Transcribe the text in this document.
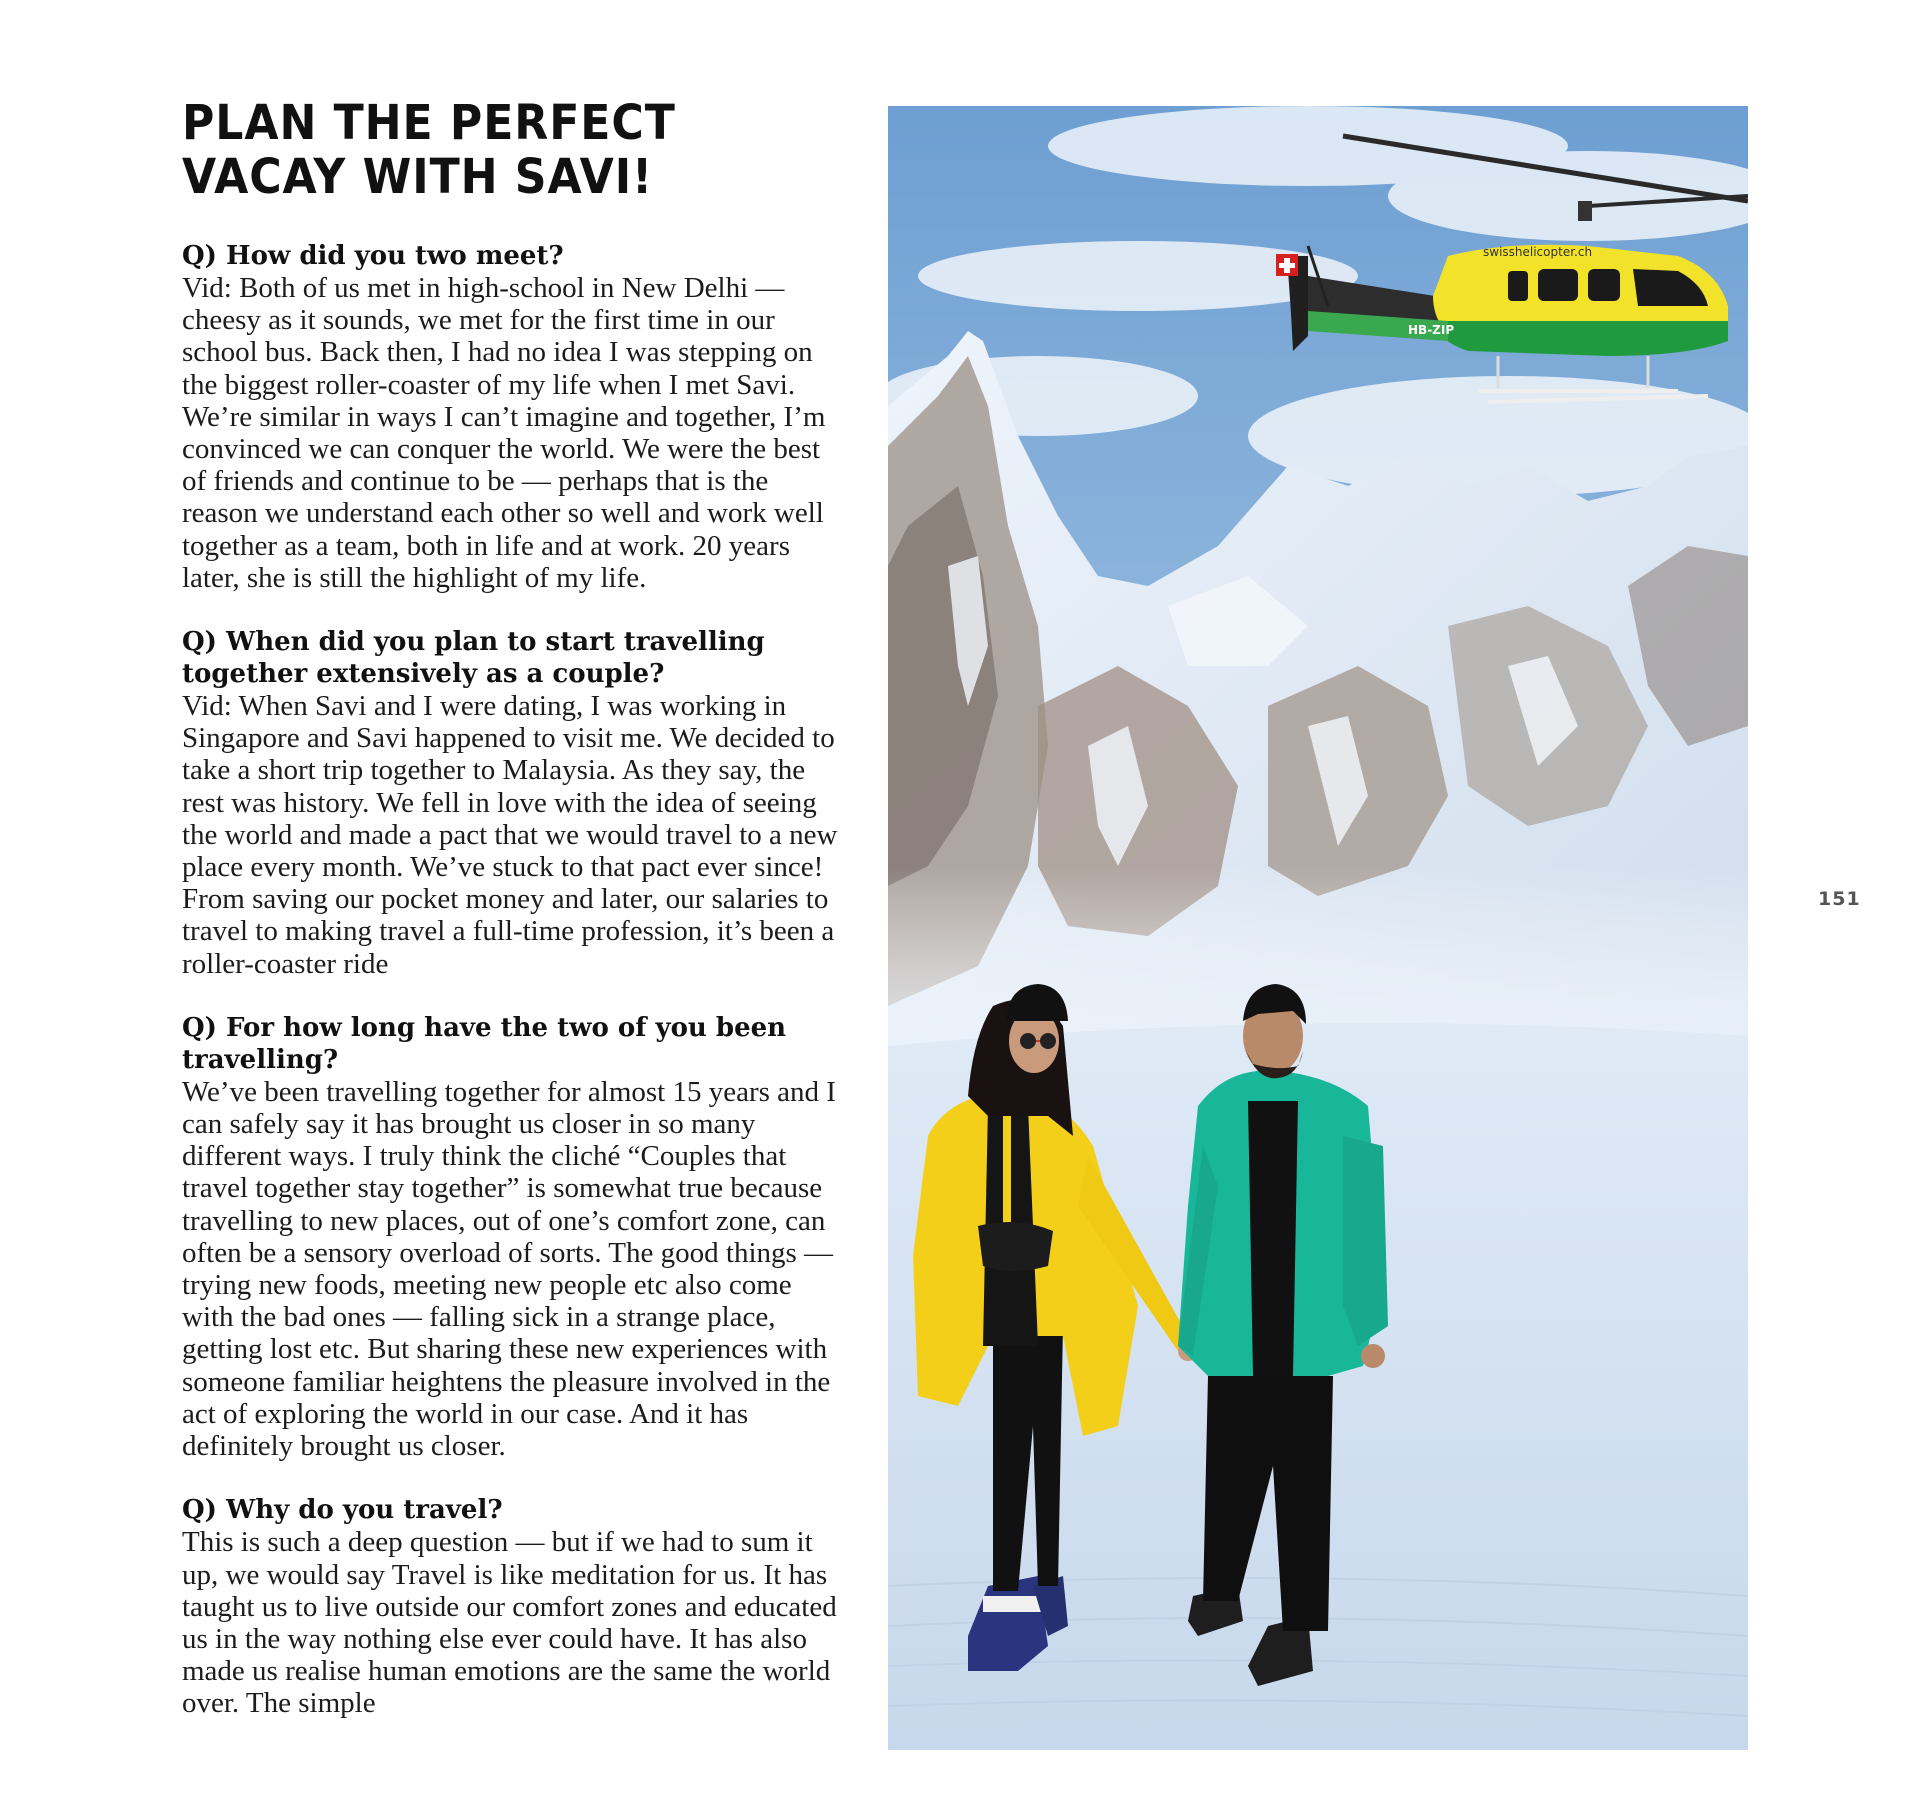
PLAN THE PERFECT VACAY WITH SAVI!

Q) How did you two meet?

Vid: Both of us met in high-school in New Delhi — cheesy as it sounds, we met for the first time in our school bus. Back then, I had no idea I was stepping on the biggest roller-coaster of my life when I met Savi. We’re similar in ways I can’t imagine and together, I’m convinced we can conquer the world. We were the best of friends and continue to be — perhaps that is the reason we understand each other so well and work well together as a team, both in life and at work. 20 years later, she is still the highlight of my life.

Q) When did you plan to start travelling together extensively as a couple?

Vid: When Savi and I were dating, I was working in Singapore and Savi happened to visit me. We decided to take a short trip together to Malaysia. As they say, the rest was history. We fell in love with the idea of seeing the world and made a pact that we would travel to a new place every month. We’ve stuck to that pact ever since! From saving our pocket money and later, our salaries to travel to making travel a full-time profession, it’s been a roller-coaster ride

Q) For how long have the two of you been travelling?

We’ve been travelling together for almost 15 years and I can safely say it has brought us closer in so many different ways. I truly think the cliché “Couples that travel together stay together” is somewhat true because travelling to new places, out of one’s comfort zone, can often be a sensory overload of sorts. The good things — trying new foods, meeting new people etc also come with the bad ones — falling sick in a strange place, getting lost etc. But sharing these new experiences with someone familiar heightens the pleasure involved in the act of exploring the world in our case. And it has definitely brought us closer.

Q) Why do you travel?

This is such a deep question — but if we had to sum it up, we would say Travel is like meditation for us. It has taught us to live outside our comfort zones and educated us in the way nothing else ever could have. It has also made us realise human emotions are the same the world over. The simple

swisshelicopter.ch
HB-ZIP
151
